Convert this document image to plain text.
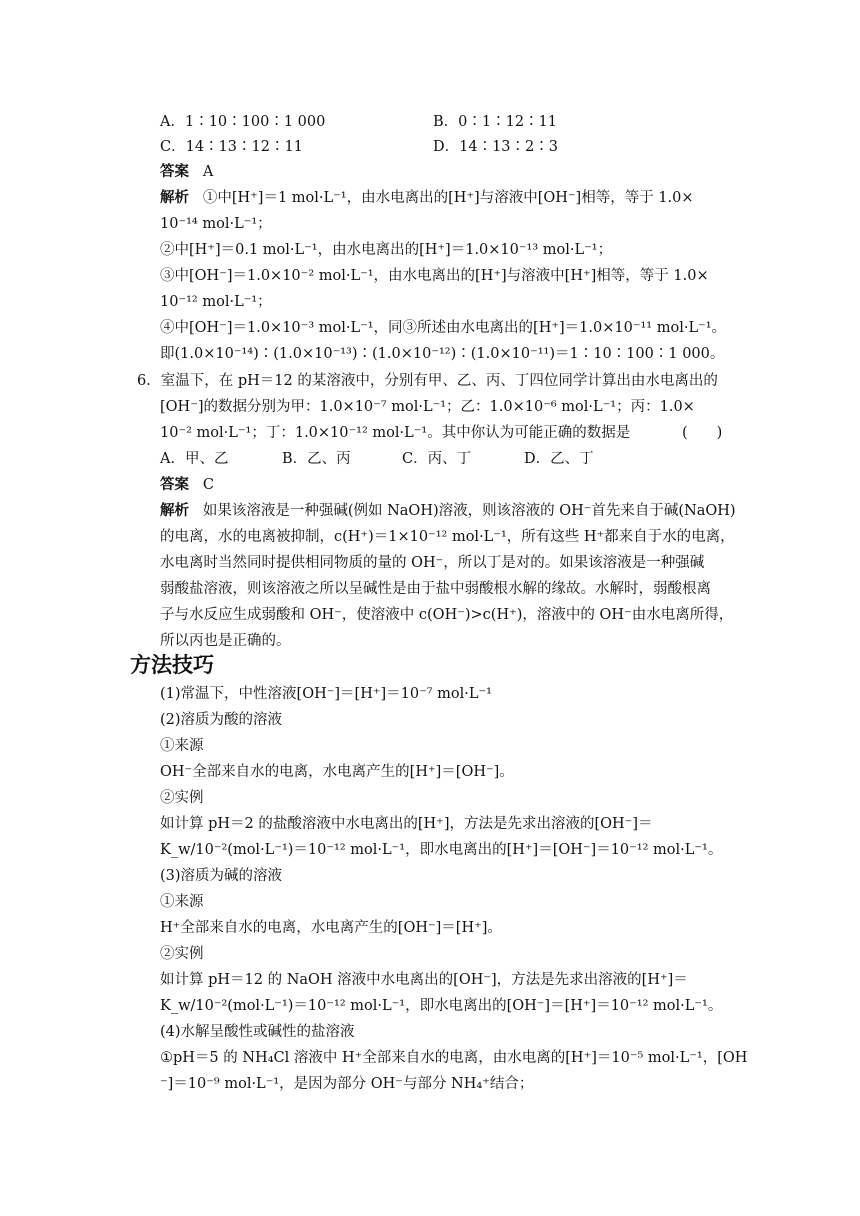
A．1∶10∶100∶1 000	B．0∶1∶12∶11
C．14∶13∶12∶11	D．14∶13∶2∶3
答案 A
解析 ①中[H⁺]＝1 mol·L⁻¹，由水电离出的[H⁺]与溶液中[OH⁻]相等，等于 1.0×
10⁻¹⁴ mol·L⁻¹；
②中[H⁺]＝0.1 mol·L⁻¹，由水电离出的[H⁺]＝1.0×10⁻¹³ mol·L⁻¹；
③中[OH⁻]＝1.0×10⁻² mol·L⁻¹，由水电离出的[H⁺]与溶液中[H⁺]相等，等于 1.0×
10⁻¹² mol·L⁻¹；
④中[OH⁻]＝1.0×10⁻³ mol·L⁻¹，同③所述由水电离出的[H⁺]＝1.0×10⁻¹¹ mol·L⁻¹。
即(1.0×10⁻¹⁴)∶(1.0×10⁻¹³)∶(1.0×10⁻¹²)∶(1.0×10⁻¹¹)＝1∶10∶100∶1 000。
6．室温下，在 pH＝12 的某溶液中，分别有甲、乙、丙、丁四位同学计算出由水电离出的
[OH⁻]的数据分别为甲：1.0×10⁻⁷ mol·L⁻¹；乙：1.0×10⁻⁶ mol·L⁻¹；丙：1.0×
10⁻² mol·L⁻¹；丁：1.0×10⁻¹² mol·L⁻¹。其中你认为可能正确的数据是	(　　)
A．甲、乙	B．乙、丙	C．丙、丁	D．乙、丁
答案 C
解析 如果该溶液是一种强碱(例如 NaOH)溶液，则该溶液的 OH⁻首先来自于碱(NaOH)
的电离，水的电离被抑制，c(H⁺)＝1×10⁻¹² mol·L⁻¹，所有这些 H⁺都来自于水的电离，
水电离时当然同时提供相同物质的量的 OH⁻，所以丁是对的。如果该溶液是一种强碱
弱酸盐溶液，则该溶液之所以呈碱性是由于盐中弱酸根水解的缘故。水解时，弱酸根离
子与水反应生成弱酸和 OH⁻，使溶液中 c(OH⁻)>c(H⁺)，溶液中的 OH⁻由水电离所得，
所以丙也是正确的。
方法技巧
(1)常温下，中性溶液[OH⁻]＝[H⁺]＝10⁻⁷ mol·L⁻¹
(2)溶质为酸的溶液
①来源
OH⁻全部来自水的电离，水电离产生的[H⁺]＝[OH⁻]。
②实例
如计算 pH＝2 的盐酸溶液中水电离出的[H⁺]，方法是先求出溶液的[OH⁻]＝
K_w/10⁻²(mol·L⁻¹)＝10⁻¹² mol·L⁻¹，即水电离出的[H⁺]＝[OH⁻]＝10⁻¹² mol·L⁻¹。
(3)溶质为碱的溶液
①来源
H⁺全部来自水的电离，水电离产生的[OH⁻]＝[H⁺]。
②实例
如计算 pH＝12 的 NaOH 溶液中水电离出的[OH⁻]，方法是先求出溶液的[H⁺]＝
K_w/10⁻²(mol·L⁻¹)＝10⁻¹² mol·L⁻¹，即水电离出的[OH⁻]＝[H⁺]＝10⁻¹² mol·L⁻¹。
(4)水解呈酸性或碱性的盐溶液
①pH＝5 的 NH₄Cl 溶液中 H⁺全部来自水的电离，由水电离的[H⁺]＝10⁻⁵ mol·L⁻¹，[OH
⁻]＝10⁻⁹ mol·L⁻¹，是因为部分 OH⁻与部分 NH₄⁺结合；
